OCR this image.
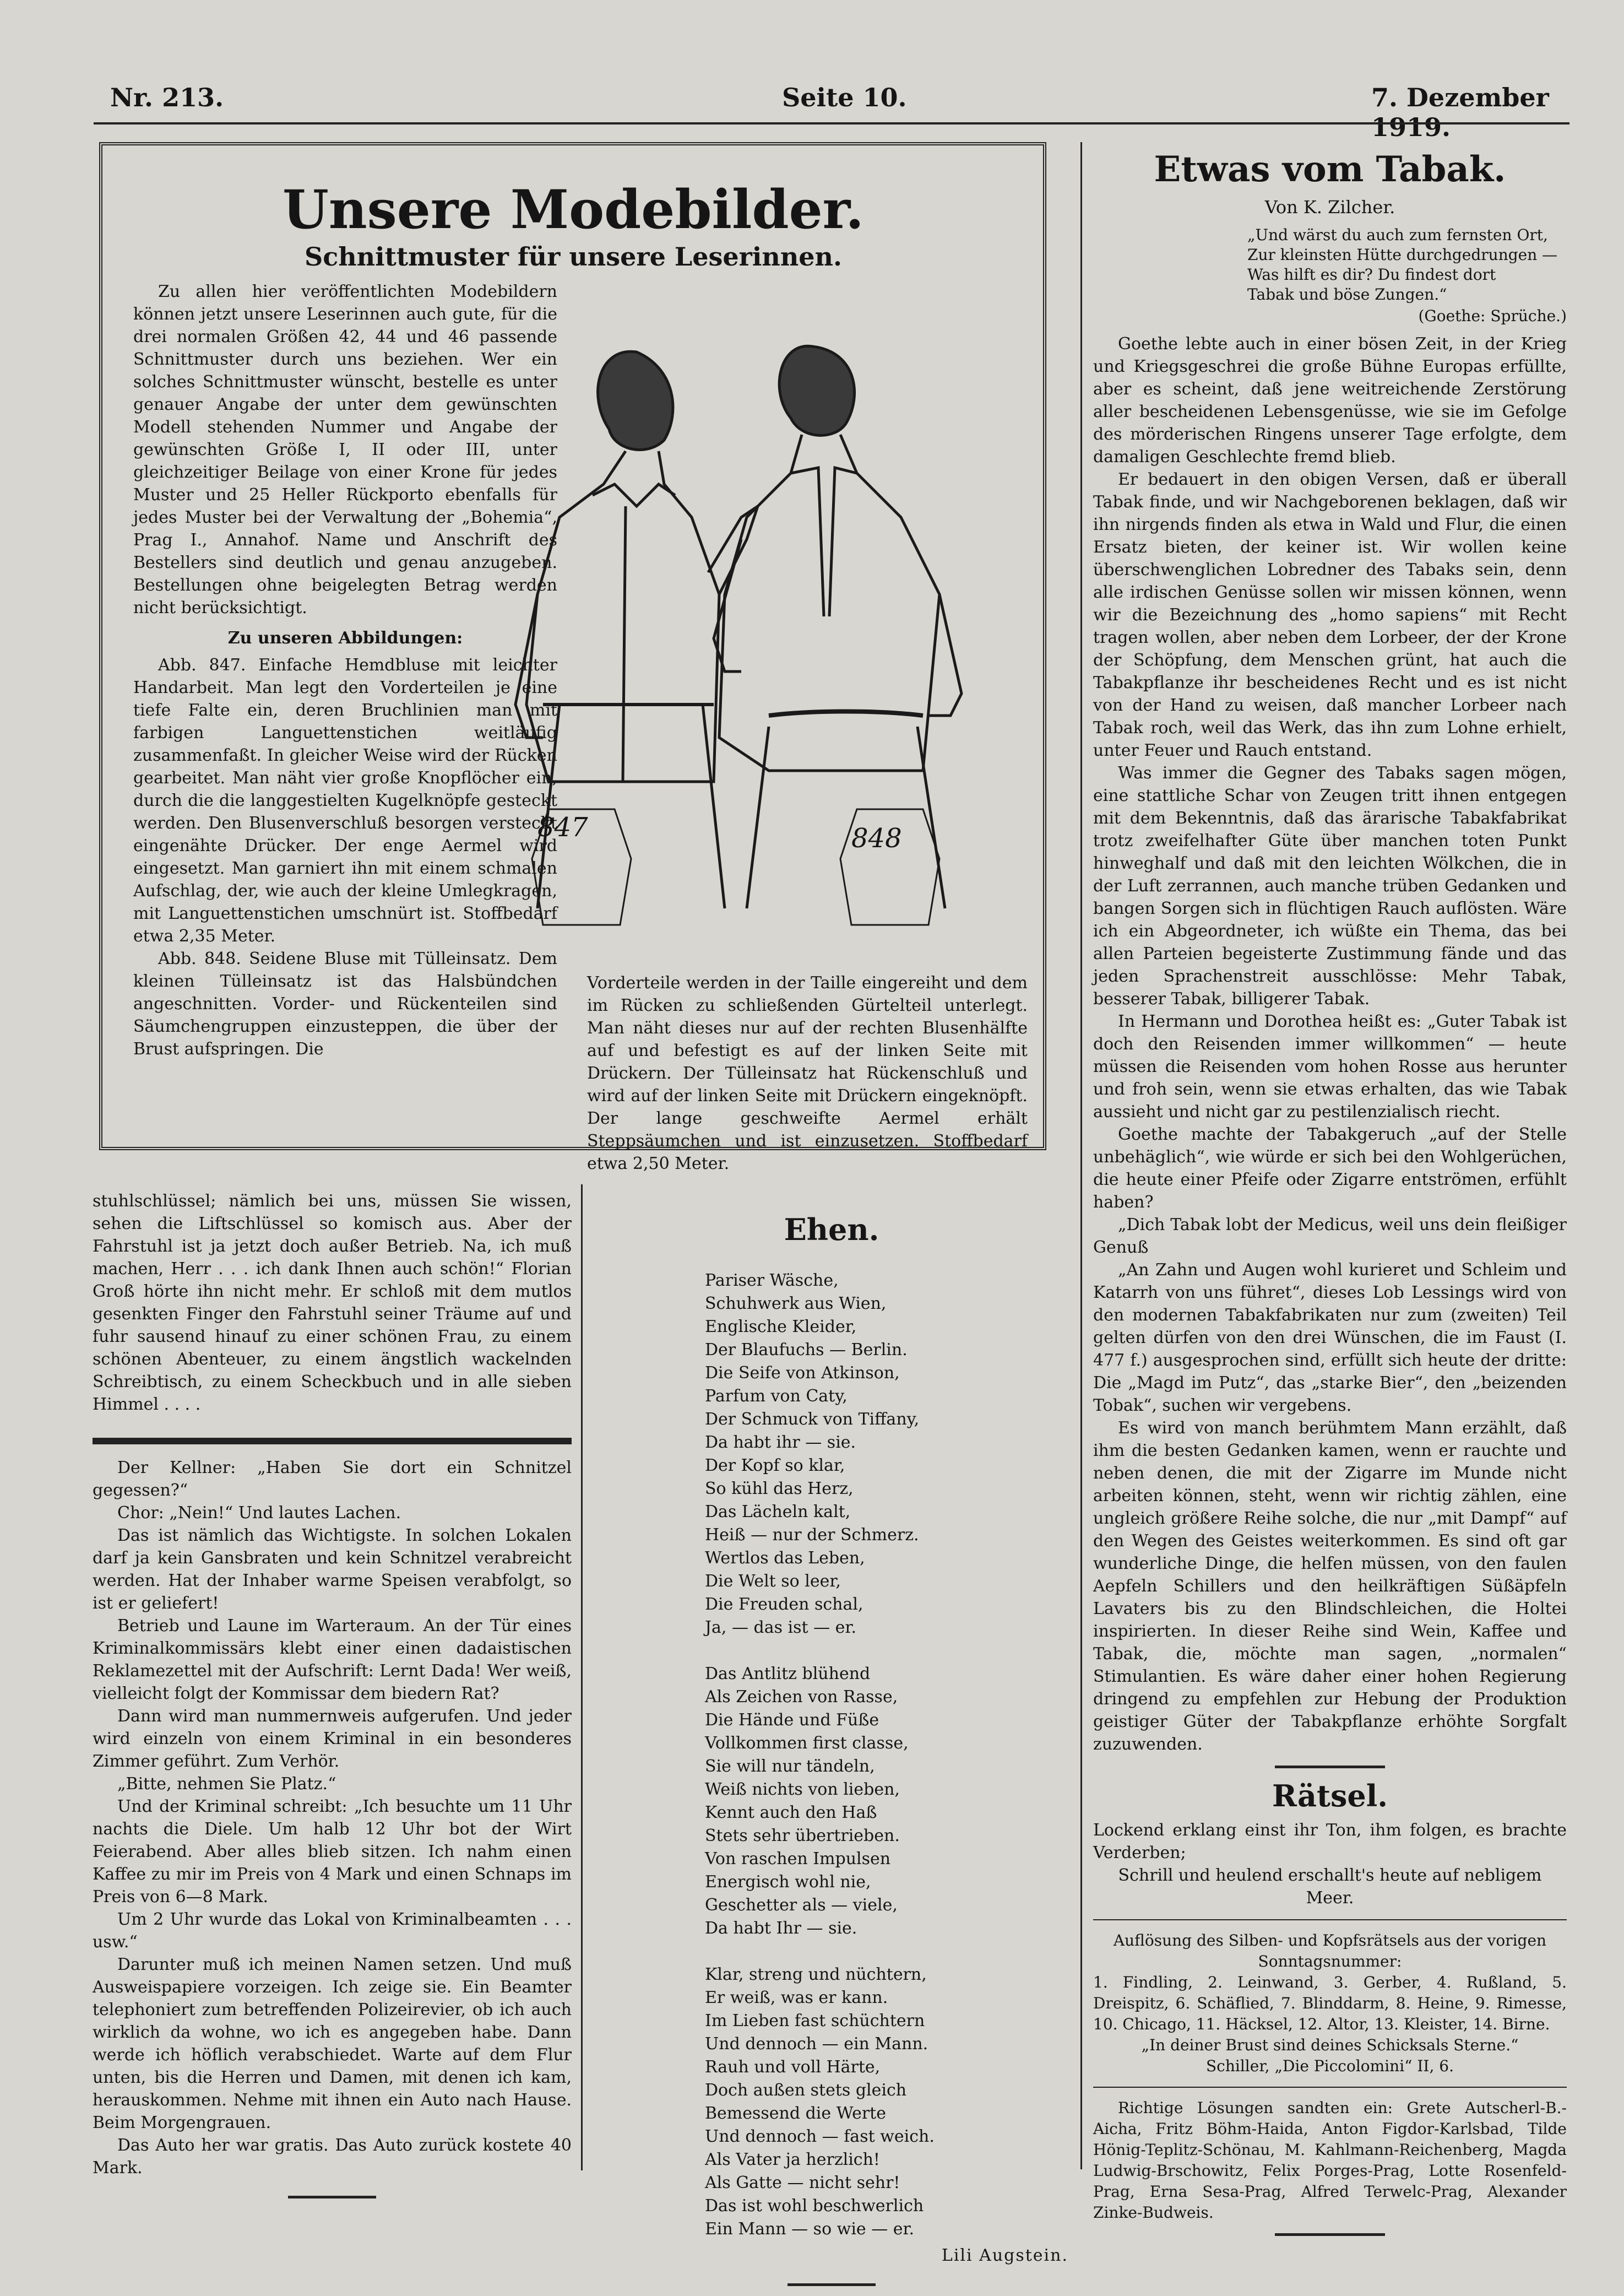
Nr. 213.	Seite 10.	7. Dezember 1919.
Unsere Modebilder.
Schnittmuster für unsere Leserinnen.

Zu allen hier veröffentlichten Modebildern können jetzt unsere Leserinnen auch gute, für die drei normalen Größen 42, 44 und 46 passende Schnittmuster durch uns beziehen. Wer ein solches Schnittmuster wünscht, bestelle es unter genauer Angabe der unter dem gewünschten Modell stehenden Nummer und Angabe der gewünschten Größe I, II oder III, unter gleichzeitiger Beilage von einer Krone für jedes Muster und 25 Heller Rückporto ebenfalls für jedes Muster bei der Verwaltung der „Bohemia“, Prag I., Annahof. Name und Anschrift des Bestellers sind deutlich und genau anzugeben. Bestellungen ohne beigelegten Betrag werden nicht berücksichtigt.

Zu unseren Abbildungen:

Abb. 847. Einfache Hemdbluse mit leichter Handarbeit. Man legt den Vorderteilen je eine tiefe Falte ein, deren Bruchlinien man mit farbigen Languettenstichen weitläufig zusammenfaßt. In gleicher Weise wird der Rücken gearbeitet. Man näht vier große Knopflöcher ein, durch die die langgestielten Kugelknöpfe gesteckt werden. Den Blusenverschluß besorgen versteckt eingenähte Drücker. Der enge Aermel wird eingesetzt. Man garniert ihn mit einem schmalen Aufschlag, der, wie auch der kleine Umlegkragen, mit Languettenstichen umschnürt ist. Stoffbedarf etwa 2,35 Meter.

Abb. 848. Seidene Bluse mit Tülleinsatz. Dem kleinen Tülleinsatz ist das Halsbündchen angeschnitten. Vorder- und Rückenteilen sind Säumchengruppen einzusteppen, die über der Brust aufspringen. Die

847	848

Vorderteile werden in der Taille eingereiht und dem im Rücken zu schließenden Gürtelteil unterlegt. Man näht dieses nur auf der rechten Blusenhälfte auf und befestigt es auf der linken Seite mit Drückern. Der Tülleinsatz hat Rückenschluß und wird auf der linken Seite mit Drückern eingeknöpft. Der lange geschweifte Aermel erhält Steppsäumchen und ist einzusetzen. Stoffbedarf etwa 2,50 Meter.

Etwas vom Tabak.
Von K. Zilcher.

„Und wärst du auch zum fernsten Ort,

Zur kleinsten Hütte durchgedrungen —

Was hilft es dir? Du findest dort

Tabak und böse Zungen.“

(Goethe: Sprüche.)

Goethe lebte auch in einer bösen Zeit, in der Krieg und Kriegsgeschrei die große Bühne Europas erfüllte, aber es scheint, daß jene weitreichende Zerstörung aller bescheidenen Lebensgenüsse, wie sie im Gefolge des mörderischen Ringens unserer Tage erfolgte, dem damaligen Geschlechte fremd blieb.

Er bedauert in den obigen Versen, daß er überall Tabak finde, und wir Nachgeborenen beklagen, daß wir ihn nirgends finden als etwa in Wald und Flur, die einen Ersatz bieten, der keiner ist. Wir wollen keine überschwenglichen Lobredner des Tabaks sein, denn alle irdischen Genüsse sollen wir missen können, wenn wir die Bezeichnung des „homo sapiens“ mit Recht tragen wollen, aber neben dem Lorbeer, der der Krone der Schöpfung, dem Menschen grünt, hat auch die Tabakpflanze ihr bescheidenes Recht und es ist nicht von der Hand zu weisen, daß mancher Lorbeer nach Tabak roch, weil das Werk, das ihn zum Lohne erhielt, unter Feuer und Rauch entstand.

Was immer die Gegner des Tabaks sagen mögen, eine stattliche Schar von Zeugen tritt ihnen entgegen mit dem Bekenntnis, daß das ärarische Tabakfabrikat trotz zweifelhafter Güte über manchen toten Punkt hinweghalf und daß mit den leichten Wölkchen, die in der Luft zerrannen, auch manche trüben Gedanken und bangen Sorgen sich in flüchtigen Rauch auflösten. Wäre ich ein Abgeordneter, ich wüßte ein Thema, das bei allen Parteien begeisterte Zustimmung fände und das jeden Sprachenstreit ausschlösse: Mehr Tabak, besserer Tabak, billigerer Tabak.

In Hermann und Dorothea heißt es: „Guter Tabak ist doch den Reisenden immer willkommen“ — heute müssen die Reisenden vom hohen Rosse aus herunter und froh sein, wenn sie etwas erhalten, das wie Tabak aussieht und nicht gar zu pestilenzialisch riecht.

Goethe machte der Tabakgeruch „auf der Stelle unbehäglich“, wie würde er sich bei den Wohlgerüchen, die heute einer Pfeife oder Zigarre entströmen, erfühlt haben?

„Dich Tabak lobt der Medicus, weil uns dein fleißiger Genuß

„An Zahn und Augen wohl kurieret und Schleim und Katarrh von uns führet“, dieses Lob Lessings wird von den modernen Tabakfabrikaten nur zum (zweiten) Teil gelten dürfen von den drei Wünschen, die im Faust (I. 477 f.) ausgesprochen sind, erfüllt sich heute der dritte: Die „Magd im Putz“, das „starke Bier“, den „beizenden Tobak“, suchen wir vergebens.

Es wird von manch berühmtem Mann erzählt, daß ihm die besten Gedanken kamen, wenn er rauchte und neben denen, die mit der Zigarre im Munde nicht arbeiten können, steht, wenn wir richtig zählen, eine ungleich größere Reihe solche, die nur „mit Dampf“ auf den Wegen des Geistes weiterkommen. Es sind oft gar wunderliche Dinge, die helfen müssen, von den faulen Aepfeln Schillers und den heilkräftigen Süßäpfeln Lavaters bis zu den Blindschleichen, die Holtei inspirierten. In dieser Reihe sind Wein, Kaffee und Tabak, die, möchte man sagen, „normalen“ Stimulantien. Es wäre daher einer hohen Regierung dringend zu empfehlen zur Hebung der Produktion geistiger Güter der Tabakpflanze erhöhte Sorgfalt zuzuwenden.

Rätsel.

Lockend erklang einst ihr Ton, ihm folgen, es brachte Verderben;

Schrill und heulend erschallt's heute auf nebligem Meer.

Auflösung des Silben- und Kopfsrätsels aus der vorigen Sonntagsnummer:

1. Findling, 2. Leinwand, 3. Gerber, 4. Rußland, 5. Dreispitz, 6. Schäflied, 7. Blinddarm, 8. Heine, 9. Rimesse, 10. Chicago, 11. Häcksel, 12. Altor, 13. Kleister, 14. Birne.

„In deiner Brust sind deines Schicksals Sterne.“

Schiller, „Die Piccolomini“ II, 6.

Richtige Lösungen sandten ein: Grete Autscherl-B.-Aicha, Fritz Böhm-Haida, Anton Figdor-Karlsbad, Tilde Hönig-Teplitz-Schönau, M. Kahlmann-Reichenberg, Magda Ludwig-Brschowitz, Felix Porges-Prag, Lotte Rosenfeld-Prag, Erna Sesa-Prag, Alfred Terwelc-Prag, Alexander Zinke-Budweis.

stuhlschlüssel; nämlich bei uns, müssen Sie wissen, sehen die Liftschlüssel so komisch aus. Aber der Fahrstuhl ist ja jetzt doch außer Betrieb. Na, ich muß machen, Herr . . . ich dank Ihnen auch schön!“ Florian Groß hörte ihn nicht mehr. Er schloß mit dem mutlos gesenkten Finger den Fahrstuhl seiner Träume auf und fuhr sausend hinauf zu einer schönen Frau, zu einem schönen Abenteuer, zu einem ängstlich wackelnden Schreibtisch, zu einem Scheckbuch und in alle sieben Himmel . . . .

Der Kellner: „Haben Sie dort ein Schnitzel gegessen?“

Chor: „Nein!“ Und lautes Lachen.

Das ist nämlich das Wichtigste. In solchen Lokalen darf ja kein Gansbraten und kein Schnitzel verabreicht werden. Hat der Inhaber warme Speisen verabfolgt, so ist er geliefert!

Betrieb und Laune im Warteraum. An der Tür eines Kriminalkommissärs klebt einer einen dadaistischen Reklamezettel mit der Aufschrift: Lernt Dada! Wer weiß, vielleicht folgt der Kommissar dem biedern Rat?

Dann wird man nummernweis aufgerufen. Und jeder wird einzeln von einem Kriminal in ein besonderes Zimmer geführt. Zum Verhör.

„Bitte, nehmen Sie Platz.“

Und der Kriminal schreibt: „Ich besuchte um 11 Uhr nachts die Diele. Um halb 12 Uhr bot der Wirt Feierabend. Aber alles blieb sitzen. Ich nahm einen Kaffee zu mir im Preis von 4 Mark und einen Schnaps im Preis von 6—8 Mark.

Um 2 Uhr wurde das Lokal von Kriminalbeamten . . . usw.“

Darunter muß ich meinen Namen setzen. Und muß Ausweispapiere vorzeigen. Ich zeige sie. Ein Beamter telephoniert zum betreffenden Polizeirevier, ob ich auch wirklich da wohne, wo ich es angegeben habe. Dann werde ich höflich verabschiedet. Warte auf dem Flur unten, bis die Herren und Damen, mit denen ich kam, herauskommen. Nehme mit ihnen ein Auto nach Hause. Beim Morgengrauen.

Das Auto her war gratis. Das Auto zurück kostete 40 Mark.

Ehen.

Pariser Wäsche,

Schuhwerk aus Wien,

Englische Kleider,

Der Blaufuchs — Berlin.

Die Seife von Atkinson,

Parfum von Caty,

Der Schmuck von Tiffany,

Da habt ihr — sie.

Der Kopf so klar,

So kühl das Herz,

Das Lächeln kalt,

Heiß — nur der Schmerz.

Wertlos das Leben,

Die Welt so leer,

Die Freuden schal,

Ja, — das ist — er.

Das Antlitz blühend

Als Zeichen von Rasse,

Die Hände und Füße

Vollkommen first classe,

Sie will nur tändeln,

Weiß nichts von lieben,

Kennt auch den Haß

Stets sehr übertrieben.

Von raschen Impulsen

Energisch wohl nie,

Geschetter als — viele,

Da habt Ihr — sie.

Klar, streng und nüchtern,

Er weiß, was er kann.

Im Lieben fast schüchtern

Und dennoch — ein Mann.

Rauh und voll Härte,

Doch außen stets gleich

Bemessend die Werte

Und dennoch — fast weich.

Als Vater ja herzlich!

Als Gatte — nicht sehr!

Das ist wohl beschwerlich

Ein Mann — so wie — er.

Lili Augstein.
